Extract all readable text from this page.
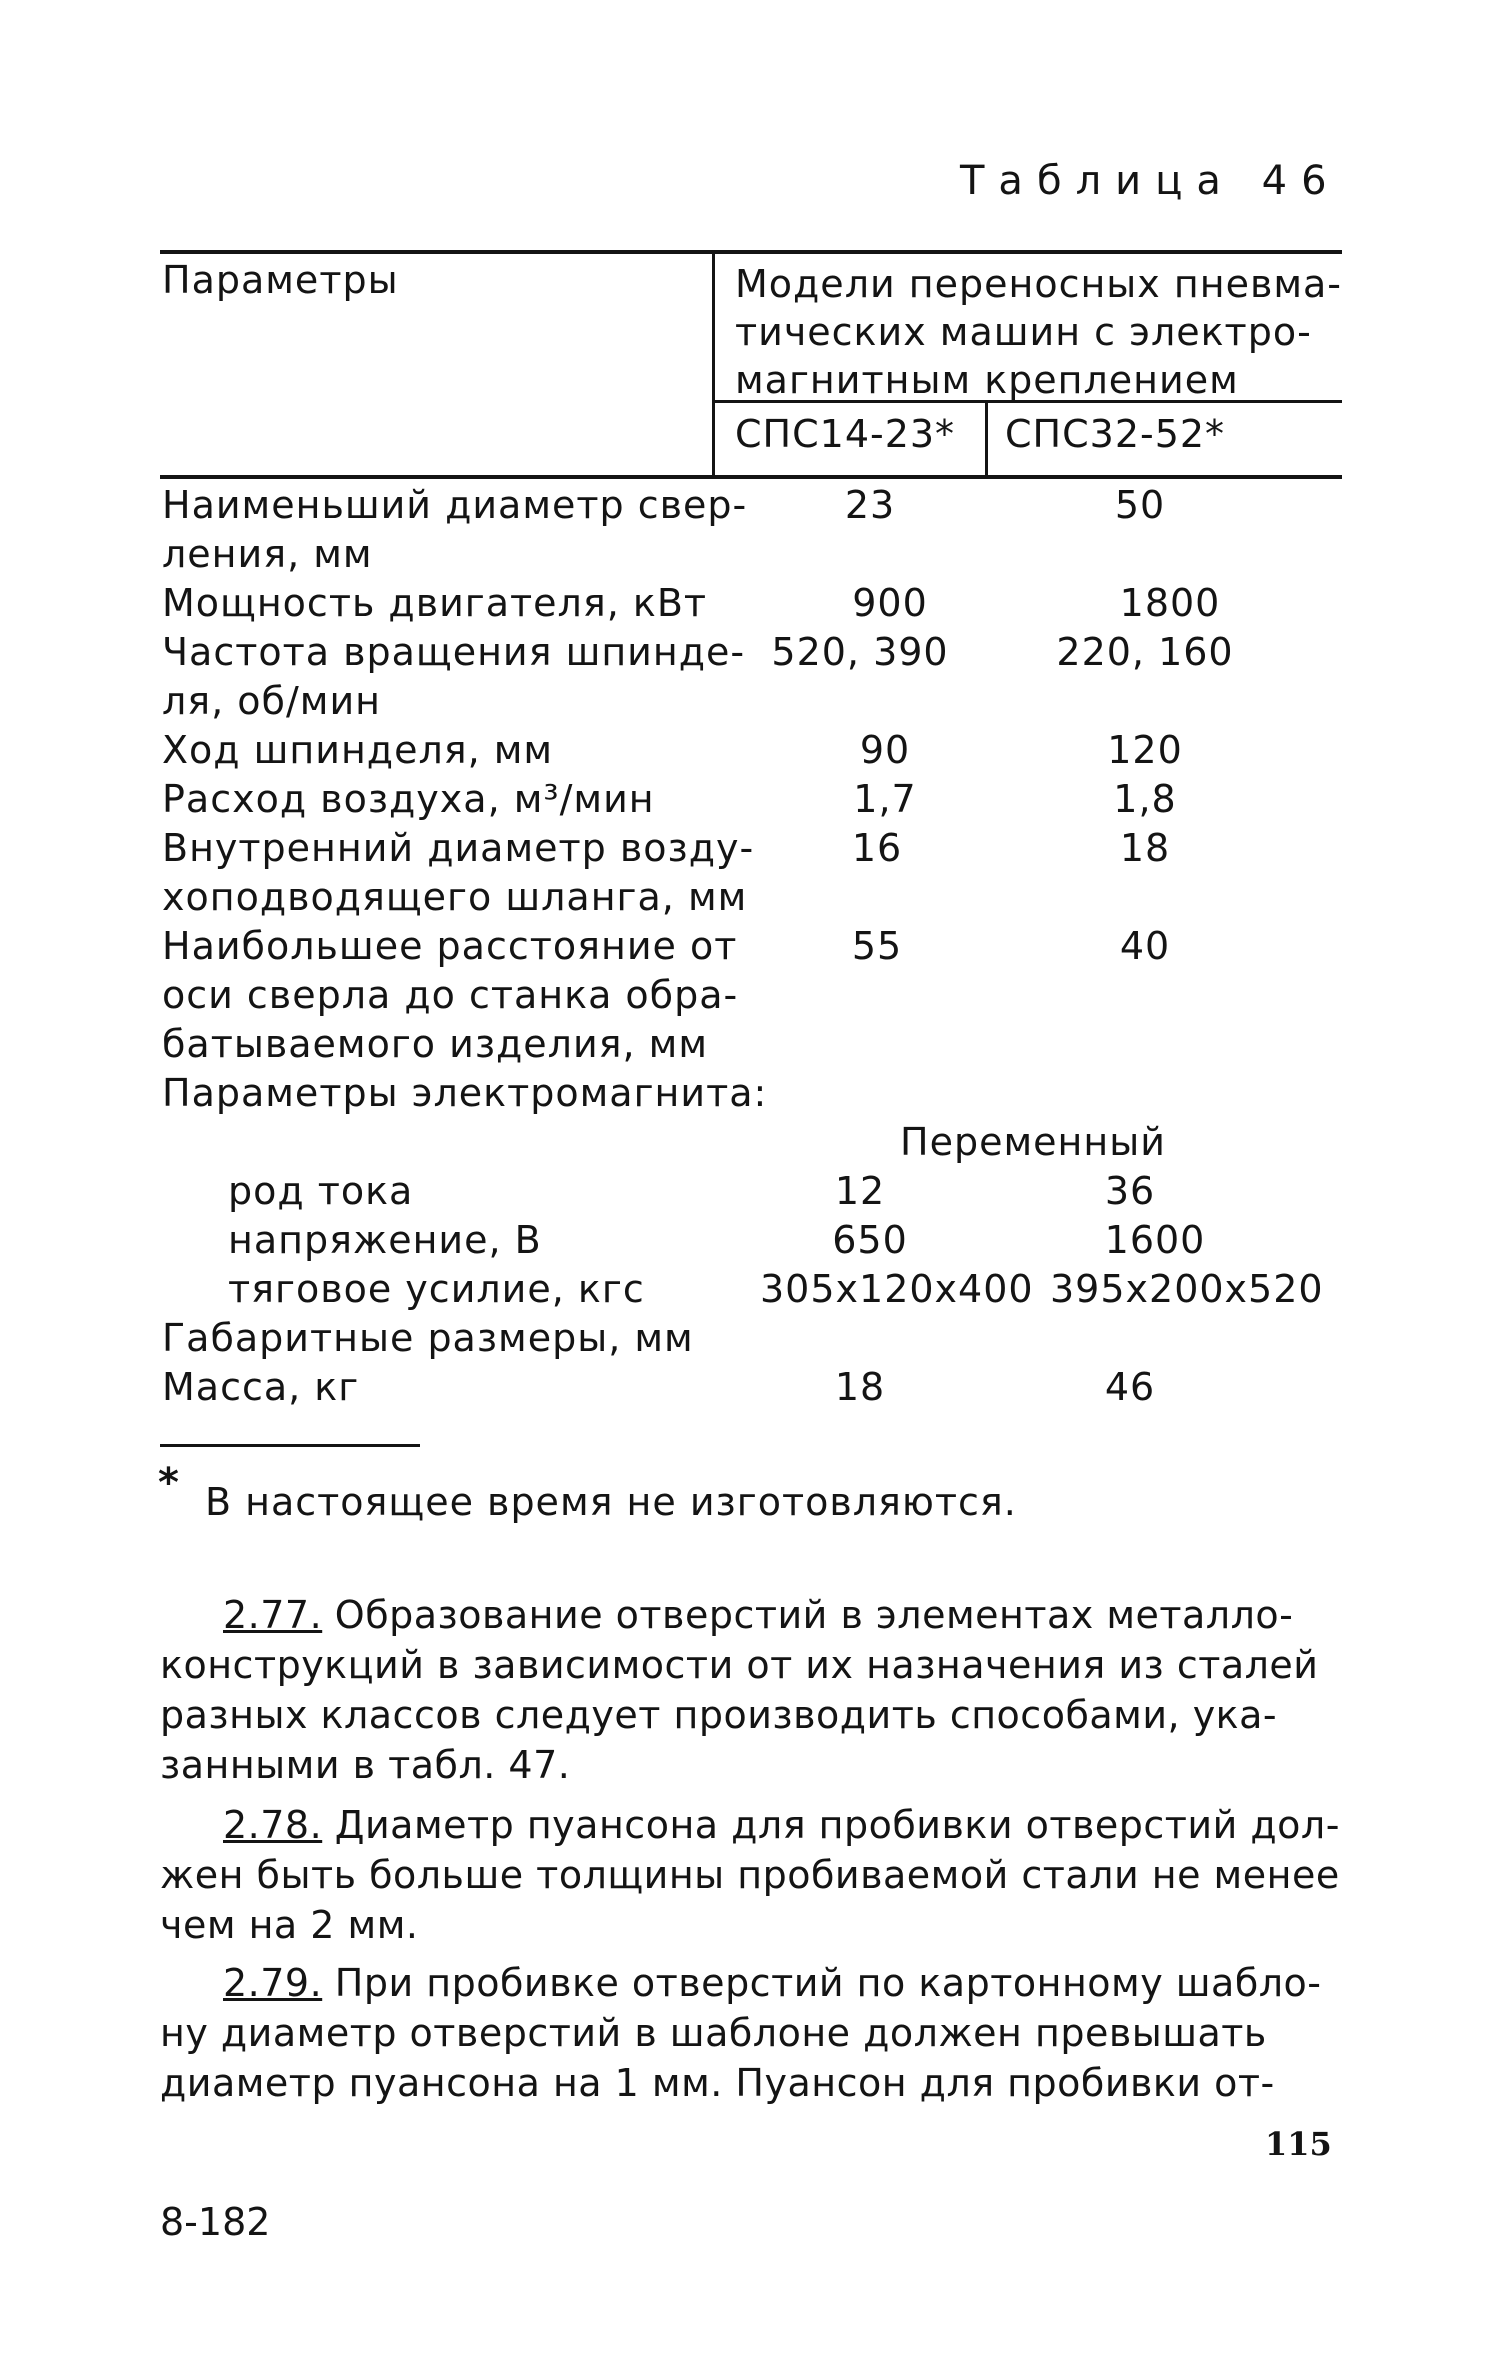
Таблица 46
Параметры	Модели переносных пневма-
тических машин с электро-
магнитным креплением
СПС14-23* СПС32-52*
Наименьший диаметр свер-
ления, мм
23	50
Мощность двигателя, кВт	900	1800
Частота вращения шпинде-
ля, об/мин
520, 390	220, 160
Ход шпинделя, мм	90	120
Расход воздуха, м³/мин	1,7	1,8
Внутренний диаметр возду-
хоподводящего шланга, мм
16	18
Наибольшее расстояние от
оси сверла до станка обра-
батываемого изделия, мм
55	40
Параметры электромагнита:
Переменный
род тока	12	36
напряжение, В	650	1600
тяговое усилие, кгс	305x120x400 395x200x520
Габаритные размеры, мм
Масса, кг	18	46
* В настоящее время не изготовляются.
2.77. Образование отверстий в элементах металло-
конструкций в зависимости от их назначения из сталей
разных классов следует производить способами, ука-
занными в табл. 47.
2.78. Диаметр пуансона для пробивки отверстий дол-
жен быть больше толщины пробиваемой стали не менее
чем на 2 мм.
2.79. При пробивке отверстий по картонному шабло-
ну диаметр отверстий в шаблоне должен превышать
диаметр пуансона на 1 мм. Пуансон для пробивки от-
115
8-182
